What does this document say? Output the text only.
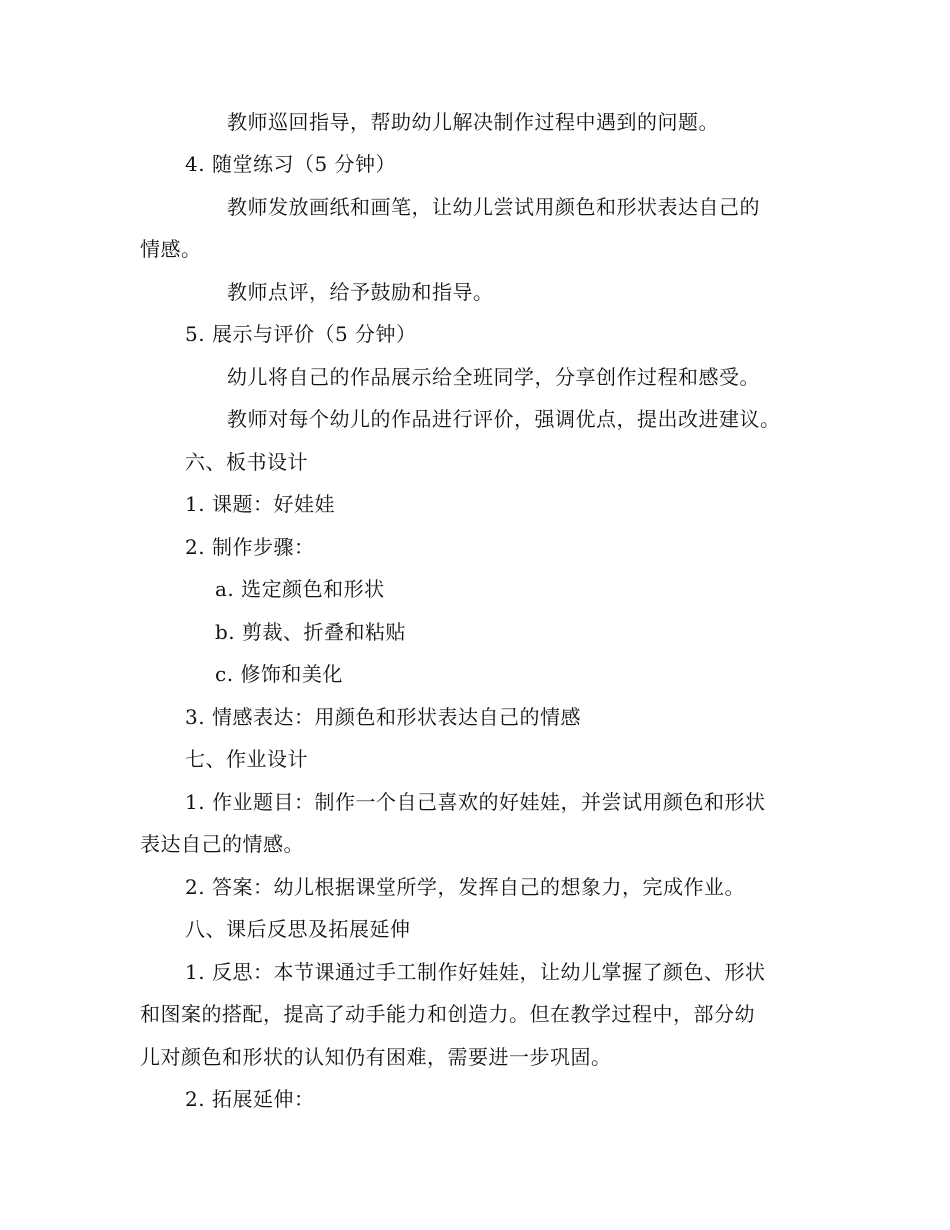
教师巡回指导，帮助幼儿解决制作过程中遇到的问题。
4. 随堂练习（5 分钟）
教师发放画纸和画笔，让幼儿尝试用颜色和形状表达自己的
情感。
教师点评，给予鼓励和指导。
5. 展示与评价（5 分钟）
幼儿将自己的作品展示给全班同学，分享创作过程和感受。
教师对每个幼儿的作品进行评价，强调优点，提出改进建议。
六、板书设计
1. 课题：好娃娃
2. 制作步骤：
a. 选定颜色和形状
b. 剪裁、折叠和粘贴
c. 修饰和美化
3. 情感表达：用颜色和形状表达自己的情感
七、作业设计
1. 作业题目：制作一个自己喜欢的好娃娃，并尝试用颜色和形状
表达自己的情感。
2. 答案：幼儿根据课堂所学，发挥自己的想象力，完成作业。
八、课后反思及拓展延伸
1. 反思：本节课通过手工制作好娃娃，让幼儿掌握了颜色、形状
和图案的搭配，提高了动手能力和创造力。但在教学过程中，部分幼
儿对颜色和形状的认知仍有困难，需要进一步巩固。
2. 拓展延伸：
